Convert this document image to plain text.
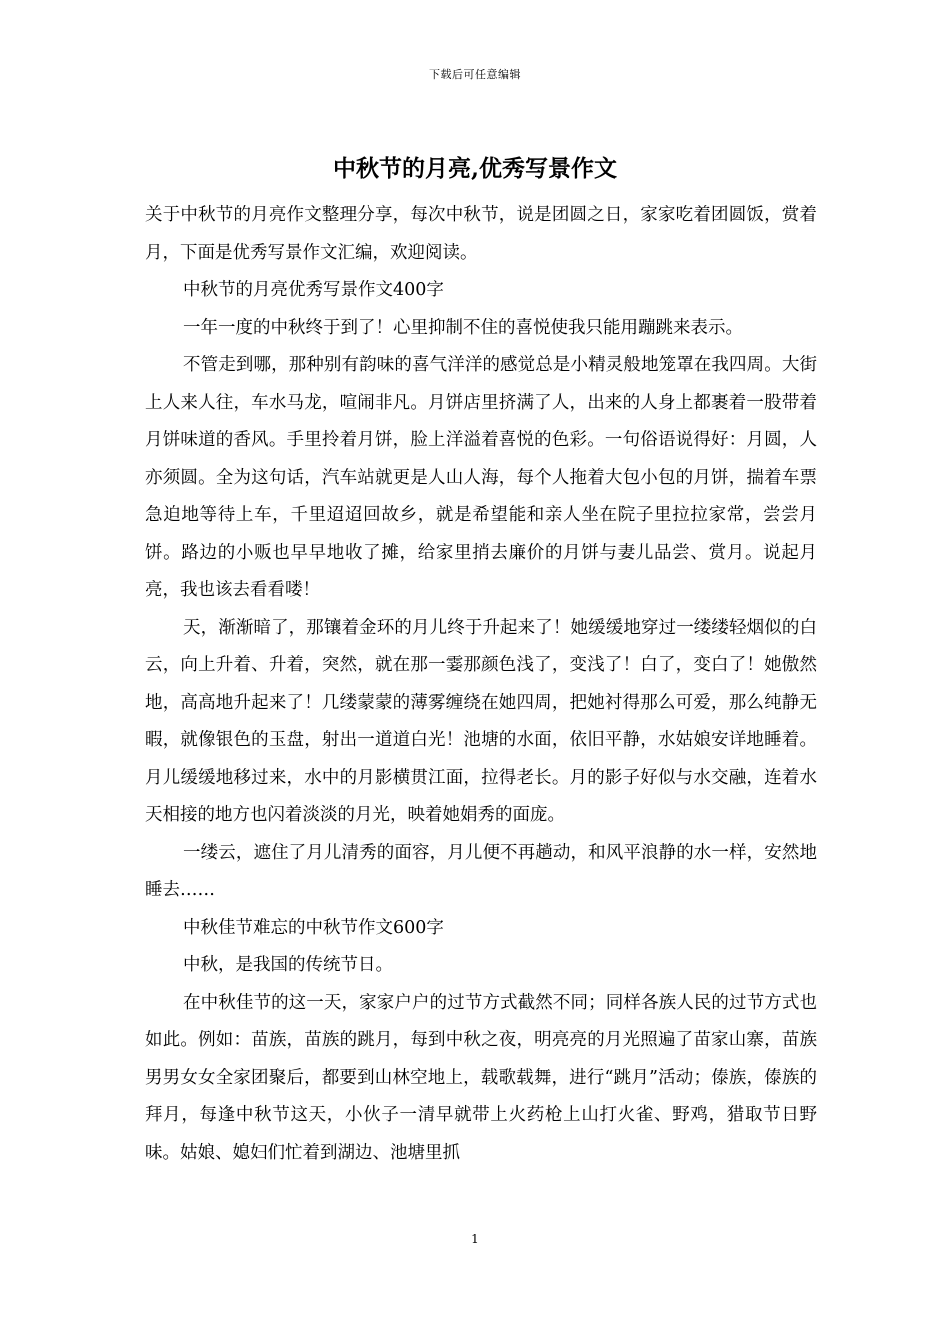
下载后可任意编辑
中秋节的月亮,优秀写景作文

关于中秋节的月亮作文整理分享，每次中秋节，说是团圆之日，家家吃着团圆饭，赏着月，下面是优秀写景作文汇编，欢迎阅读。

中秋节的月亮优秀写景作文400字

一年一度的中秋终于到了！心里抑制不住的喜悦使我只能用蹦跳来表示。

不管走到哪，那种别有韵味的喜气洋洋的感觉总是小精灵般地笼罩在我四周。大街上人来人往，车水马龙，喧闹非凡。月饼店里挤满了人，出来的人身上都裹着一股带着月饼味道的香风。手里拎着月饼，脸上洋溢着喜悦的色彩。一句俗语说得好：月圆，人亦须圆。全为这句话，汽车站就更是人山人海，每个人拖着大包小包的月饼，揣着车票急迫地等待上车，千里迢迢回故乡，就是希望能和亲人坐在院子里拉拉家常，尝尝月饼。路边的小贩也早早地收了摊，给家里捎去廉价的月饼与妻儿品尝、赏月。说起月亮，我也该去看看喽！

天，渐渐暗了，那镶着金环的月儿终于升起来了！她缓缓地穿过一缕缕轻烟似的白云，向上升着、升着，突然，就在那一霎那颜色浅了，变浅了！白了，变白了！她傲然地，高高地升起来了！几缕蒙蒙的薄雾缠绕在她四周，把她衬得那么可爱，那么纯静无暇，就像银色的玉盘，射出一道道白光！池塘的水面，依旧平静，水姑娘安详地睡着。月儿缓缓地移过来，水中的月影横贯江面，拉得老长。月的影子好似与水交融，连着水天相接的地方也闪着淡淡的月光，映着她娟秀的面庞。

一缕云，遮住了月儿清秀的面容，月儿便不再趟动，和风平浪静的水一样，安然地睡去……

中秋佳节难忘的中秋节作文600字

中秋，是我国的传统节日。

在中秋佳节的这一天，家家户户的过节方式截然不同；同样各族人民的过节方式也如此。例如：苗族，苗族的跳月，每到中秋之夜，明亮亮的月光照遍了苗家山寨，苗族男男女女全家团聚后，都要到山林空地上，载歌载舞，进行“跳月”活动；傣族，傣族的拜月，每逢中秋节这天，小伙子一清早就带上火药枪上山打火雀、野鸡，猎取节日野味。姑娘、媳妇们忙着到湖边、池塘里抓

1
